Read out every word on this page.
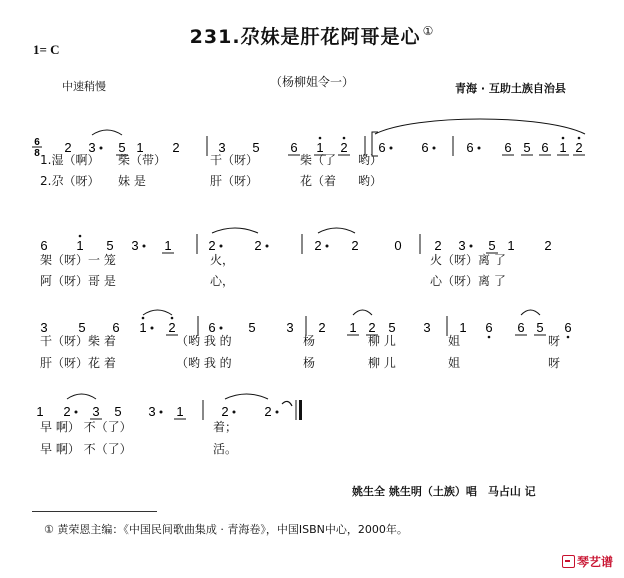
231.尕妹是肝花阿哥是心 ①
1= C
中速稍慢	（杨柳姐令一）	青海 · 互助土族自治县
6
8 2 3 5 1 2	3 5 6 1 2 6	6	6 6 5 6 1 2
6 1 5 3 1	2	2	2 2	0	2 3 5 1 2
3 5 6 1 2	6	5 3 2 1 2 5 3 1 6 6 5 6
1 2 3 5 3 1	2	2
1.湿（啊） 柴（带）	干（呀）	柴（了 哟）
2.尕（呀） 妹 是	肝（呀）	花（着 哟）
架（呀）一 笼	火，	火（呀）离 了
阿（呀）哥 是	心，	心（呀）离 了
干（呀）柴 着	（哟 我 的	杨	柳 儿	姐	呀
肝（呀）花 着	（哟 我 的	杨	柳 儿	姐	呀
早 啊） 不（了）	着；
早 啊） 不（了）	活。
姚生全 姚生明（土族）唱　马占山 记
① 黄荣恩主编：《中国民间歌曲集成 · 青海卷》，中国ISBN中心，2000年。
琴艺谱
